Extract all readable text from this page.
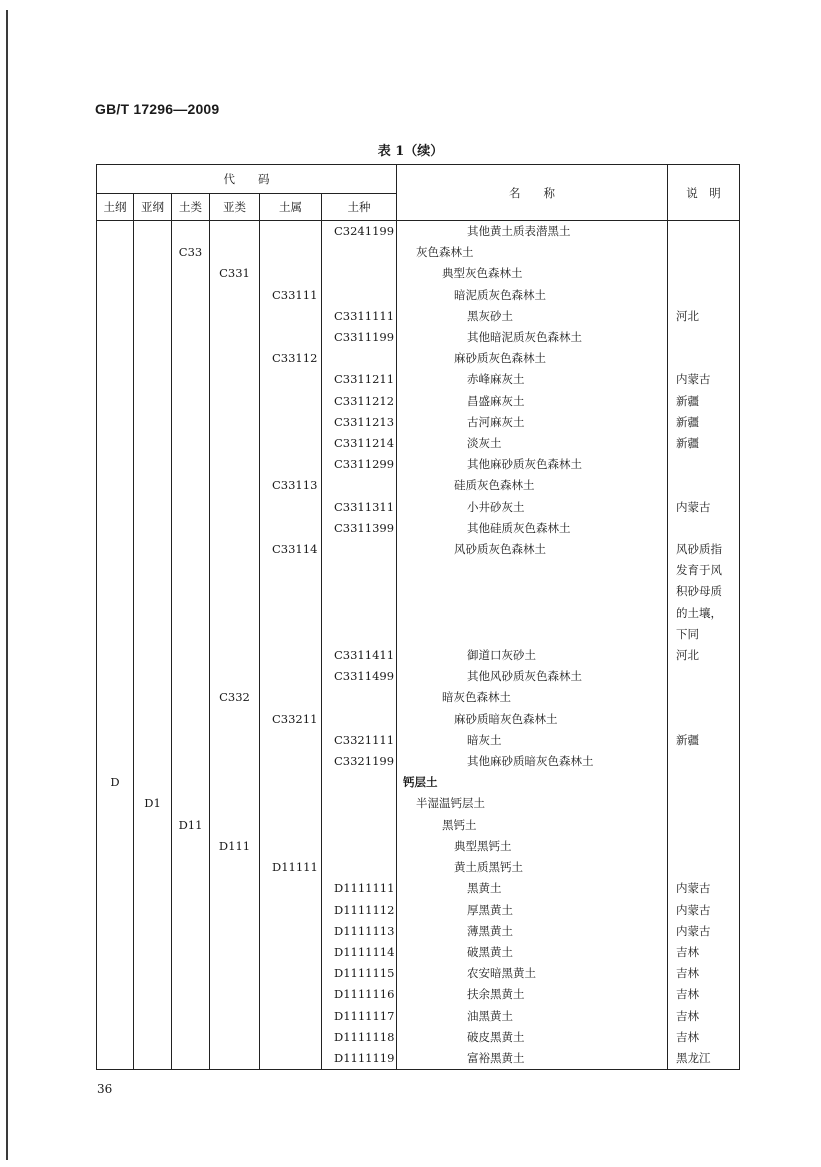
GB/T 17296—2009
表 1（续）
代　　码						名　　称	说　明
土纲	亚纲	土类	亚类	土属	土种		
					C3241199	其他黄土质表潜黑土	
		C33				灰色森林土	
			C331			典型灰色森林土	
				C33111		暗泥质灰色森林土	
					C3311111	黑灰砂土	河北
					C3311199	其他暗泥质灰色森林土	
				C33112		麻砂质灰色森林土	
					C3311211	赤峰麻灰土	内蒙古
					C3311212	昌盛麻灰土	新疆
					C3311213	古河麻灰土	新疆
					C3311214	淡灰土	新疆
					C3311299	其他麻砂质灰色森林土	
				C33113		硅质灰色森林土	
					C3311311	小井砂灰土	内蒙古
					C3311399	其他硅质灰色森林土	
				C33114		风砂质灰色森林土	风砂质指
							发育于风
							积砂母质
							的土壤，
							下同
					C3311411	御道口灰砂土	河北
					C3311499	其他风砂质灰色森林土	
			C332			暗灰色森林土	
				C33211		麻砂质暗灰色森林土	
					C3321111	暗灰土	新疆
					C3321199	其他麻砂质暗灰色森林土	
D						钙层土	
	D1					半湿温钙层土	
		D11				黑钙土	
			D111			典型黑钙土	
				D11111		黄土质黑钙土	
					D1111111	黑黄土	内蒙古
					D1111112	厚黑黄土	内蒙古
					D1111113	薄黑黄土	内蒙古
					D1111114	破黑黄土	吉林
					D1111115	农安暗黑黄土	吉林
					D1111116	扶余黑黄土	吉林
					D1111117	油黑黄土	吉林
					D1111118	破皮黑黄土	吉林
					D1111119	富裕黑黄土	黑龙江
36
